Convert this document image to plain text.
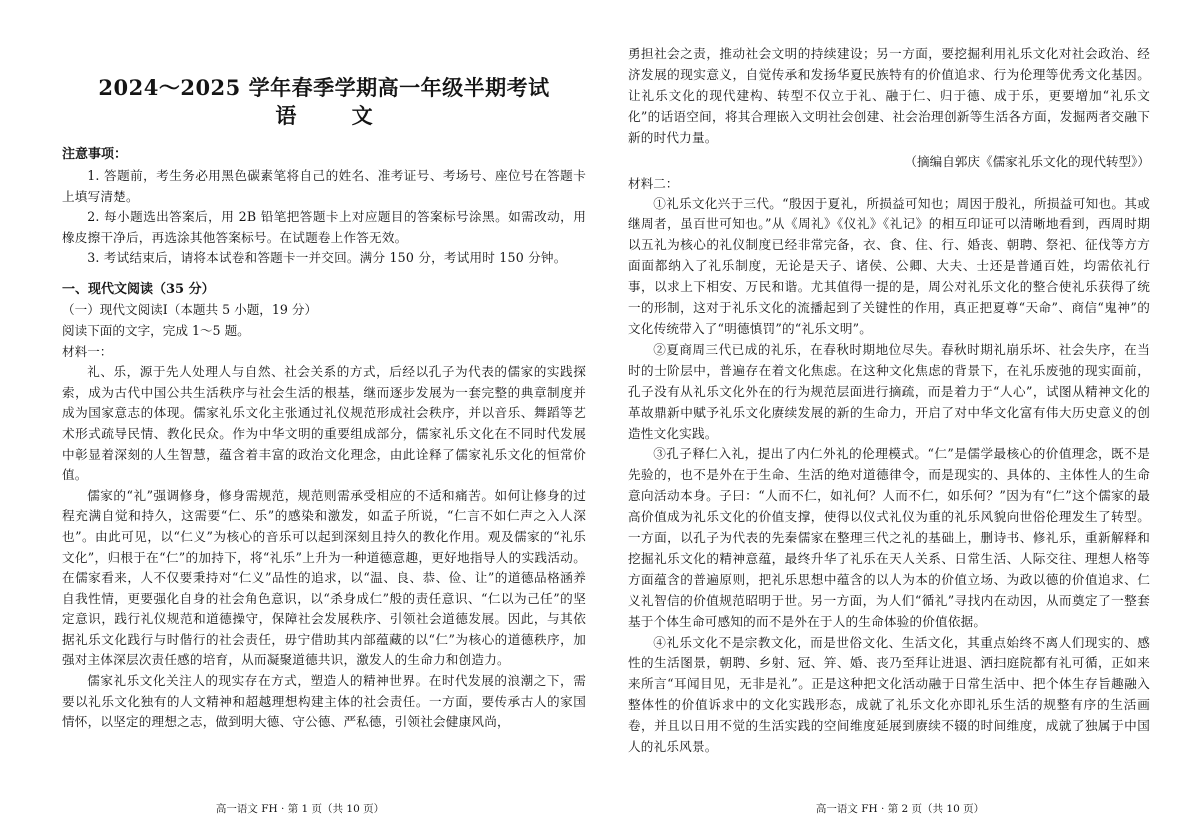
2024～2025 学年春季学期高一年级半期考试
语 文

注意事项：

1. 答题前，考生务必用黑色碳素笔将自己的姓名、准考证号、考场号、座位号在答题卡上填写清楚。

2. 每小题选出答案后，用 2B 铅笔把答题卡上对应题目的答案标号涂黑。如需改动，用橡皮擦干净后，再选涂其他答案标号。在试题卷上作答无效。

3. 考试结束后，请将本试卷和答题卡一并交回。满分 150 分，考试用时 150 分钟。

一、现代文阅读（35 分）

（一）现代文阅读Ⅰ（本题共 5 小题，19 分）

阅读下面的文字，完成 1～5 题。

材料一：

礼、乐，源于先人处理人与自然、社会关系的方式，后经以孔子为代表的儒家的实践探索，成为古代中国公共生活秩序与社会生活的根基，继而逐步发展为一套完整的典章制度并成为国家意志的体现。儒家礼乐文化主张通过礼仪规范形成社会秩序，并以音乐、舞蹈等艺术形式疏导民情、教化民众。作为中华文明的重要组成部分，儒家礼乐文化在不同时代发展中彰显着深刻的人生智慧，蕴含着丰富的政治文化理念，由此诠释了儒家礼乐文化的恒常价值。

儒家的“礼”强调修身，修身需规范，规范则需承受相应的不适和痛苦。如何让修身的过程充满自觉和持久，这需要“仁、乐”的感染和激发，如孟子所说，“仁言不如仁声之入人深也”。由此可见，以“仁义”为核心的音乐可以起到深刻且持久的教化作用。观及儒家的“礼乐文化”，归根于在“仁”的加持下，将“礼乐”上升为一种道德意趣，更好地指导人的实践活动。在儒家看来，人不仅要秉持对“仁义”品性的追求，以“温、良、恭、俭、让”的道德品格涵养自我性情，更要强化自身的社会角色意识，以“杀身成仁”般的责任意识、“仁以为己任”的坚定意识，践行礼仪规范和道德操守，保障社会发展秩序、引领社会道德发展。因此，与其依据礼乐文化践行与时偕行的社会责任，毋宁借助其内部蕴藏的以“仁”为核心的道德秩序，加强对主体深层次责任感的培育，从而凝聚道德共识，激发人的生命力和创造力。

儒家礼乐文化关注人的现实存在方式，塑造人的精神世界。在时代发展的浪潮之下，需要以礼乐文化独有的人文精神和超越理想构建主体的社会责任。一方面，要传承古人的家国情怀，以坚定的理想之志，做到明大德、守公德、严私德，引领社会健康风尚，

高一语文 FH · 第 1 页（共 10 页）

勇担社会之责，推动社会文明的持续建设；另一方面，要挖掘利用礼乐文化对社会政治、经济发展的现实意义，自觉传承和发扬华夏民族特有的价值追求、行为伦理等优秀文化基因。让礼乐文化的现代建构、转型不仅立于礼、融于仁、归于德、成于乐，更要增加“礼乐文化”的话语空间，将其合理嵌入文明社会创建、社会治理创新等生活各方面，发掘两者交融下新的时代力量。

（摘编自郭庆《儒家礼乐文化的现代转型》）

材料二：

①礼乐文化兴于三代。“殷因于夏礼，所损益可知也；周因于殷礼，所损益可知也。其或继周者，虽百世可知也。”从《周礼》《仪礼》《礼记》的相互印证可以清晰地看到，西周时期以五礼为核心的礼仪制度已经非常完备，衣、食、住、行、婚丧、朝聘、祭祀、征伐等方方面面都纳入了礼乐制度，无论是天子、诸侯、公卿、大夫、士还是普通百姓，均需依礼行事，以求上下相安、万民和谐。尤其值得一提的是，周公对礼乐文化的整合使礼乐获得了统一的形制，这对于礼乐文化的流播起到了关键性的作用，真正把夏尊“天命”、商信“鬼神”的文化传统带入了“明德慎罚”的“礼乐文明”。

②夏商周三代已成的礼乐，在春秋时期地位尽失。春秋时期礼崩乐坏、社会失序，在当时的士阶层中，普遍存在着文化焦虑。在这种文化焦虑的背景下，在礼乐废弛的现实面前，孔子没有从礼乐文化外在的行为规范层面进行摘疏，而是着力于“人心”，试图从精神文化的革故鼎新中赋予礼乐文化赓续发展的新的生命力，开启了对中华文化富有伟大历史意义的创造性文化实践。

③孔子释仁入礼，提出了内仁外礼的伦理模式。“仁”是儒学最核心的价值理念，既不是先验的，也不是外在于生命、生活的绝对道德律令，而是现实的、具体的、主体性人的生命意向活动本身。子曰：“人而不仁，如礼何？人而不仁，如乐何？”因为有“仁”这个儒家的最高价值成为礼乐文化的价值支撑，使得以仪式礼仪为重的礼乐风貌向世俗伦理发生了转型。一方面，以孔子为代表的先秦儒家在整理三代之礼的基础上，删诗书、修礼乐，重新解释和挖掘礼乐文化的精神意蕴，最终升华了礼乐在天人关系、日常生活、人际交往、理想人格等方面蕴含的普遍原则，把礼乐思想中蕴含的以人为本的价值立场、为政以德的价值追求、仁义礼智信的价值规范昭明于世。另一方面，为人们“循礼”寻找内在动因，从而奠定了一整套基于个体生命可感知的而不是外在于人的生命体验的价值依据。

④礼乐文化不是宗教文化，而是世俗文化、生活文化，其重点始终不离人们现实的、感性的生活图景，朝聘、乡射、冠、笄、婚、丧乃至拜让进退、洒扫庭院都有礼可循，正如来来所言“耳闻目见，无非是礼”。正是这种把文化活动融于日常生活中、把个体生存旨趣融入整体性的价值诉求中的文化实践形态，成就了礼乐文化亦即礼乐生活的规整有序的生活画卷，并且以日用不觉的生活实践的空间维度延展到赓续不辍的时间维度，成就了独属于中国人的礼乐风景。

高一语文 FH · 第 2 页（共 10 页）
